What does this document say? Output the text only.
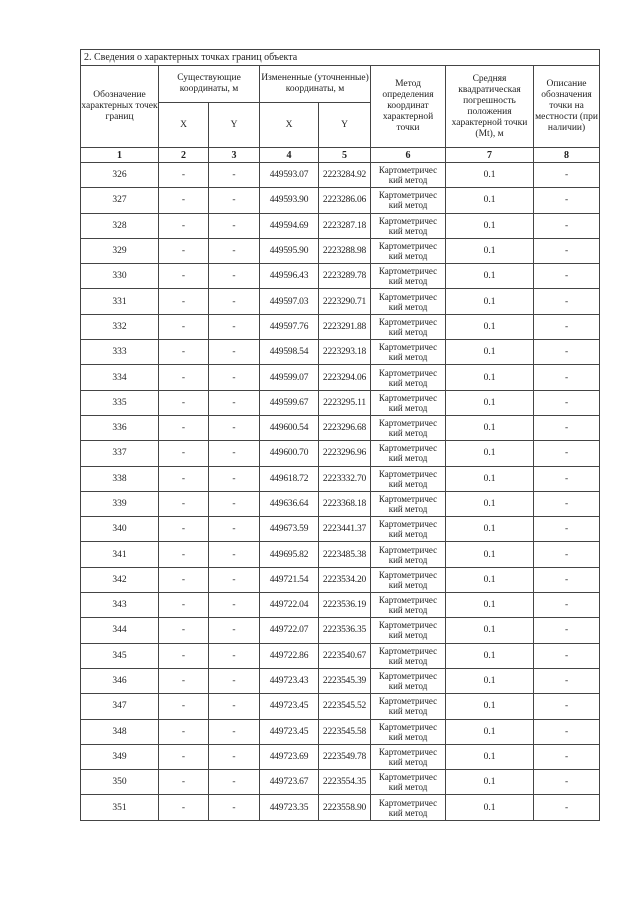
2. Сведения о характерных точках границ объекта							
Обозначение характерных точек границ	Существующие координаты, м		Измененные (уточненные) координаты, м		Метод определения координат характерной точки	Средняя квадратическая погрешность положения характерной точки (Mt), м	Описание обозначения точки на местности (при наличии)
	X	Y	X	Y			
1	2	3	4	5	6	7	8
326	-	-	449593.07	2223284.92	Картометричес кий метод	0.1	-
327	-	-	449593.90	2223286.06	Картометричес кий метод	0.1	-
328	-	-	449594.69	2223287.18	Картометричес кий метод	0.1	-
329	-	-	449595.90	2223288.98	Картометричес кий метод	0.1	-
330	-	-	449596.43	2223289.78	Картометричес кий метод	0.1	-
331	-	-	449597.03	2223290.71	Картометричес кий метод	0.1	-
332	-	-	449597.76	2223291.88	Картометричес кий метод	0.1	-
333	-	-	449598.54	2223293.18	Картометричес кий метод	0.1	-
334	-	-	449599.07	2223294.06	Картометричес кий метод	0.1	-
335	-	-	449599.67	2223295.11	Картометричес кий метод	0.1	-
336	-	-	449600.54	2223296.68	Картометричес кий метод	0.1	-
337	-	-	449600.70	2223296.96	Картометричес кий метод	0.1	-
338	-	-	449618.72	2223332.70	Картометричес кий метод	0.1	-
339	-	-	449636.64	2223368.18	Картометричес кий метод	0.1	-
340	-	-	449673.59	2223441.37	Картометричес кий метод	0.1	-
341	-	-	449695.82	2223485.38	Картометричес кий метод	0.1	-
342	-	-	449721.54	2223534.20	Картометричес кий метод	0.1	-
343	-	-	449722.04	2223536.19	Картометричес кий метод	0.1	-
344	-	-	449722.07	2223536.35	Картометричес кий метод	0.1	-
345	-	-	449722.86	2223540.67	Картометричес кий метод	0.1	-
346	-	-	449723.43	2223545.39	Картометричес кий метод	0.1	-
347	-	-	449723.45	2223545.52	Картометричес кий метод	0.1	-
348	-	-	449723.45	2223545.58	Картометричес кий метод	0.1	-
349	-	-	449723.69	2223549.78	Картометричес кий метод	0.1	-
350	-	-	449723.67	2223554.35	Картометричес кий метод	0.1	-
351	-	-	449723.35	2223558.90	Картометричес кий метод	0.1	-
